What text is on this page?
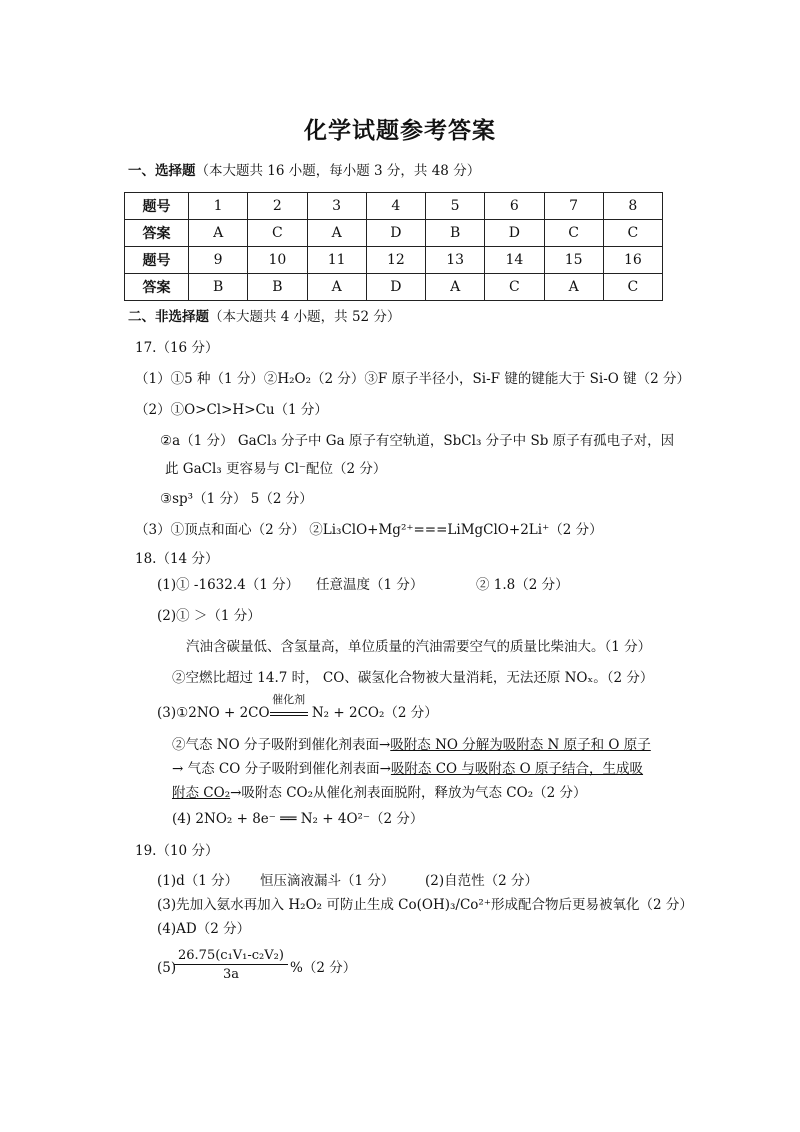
化学试题参考答案
一、选择题（本大题共 16 小题，每小题 3 分，共 48 分）
题号	1	2	3	4	5	6	7	8
答案	A	C	A	D	B	D	C	C
题号	9	10	11	12	13	14	15	16
答案	B	B	A	D	A	C	A	C
二、非选择题（本大题共 4 小题，共 52 分）
17.（16 分）
（1）①5 种（1 分）②H₂O₂（2 分）③F 原子半径小，Si-F 键的键能大于 Si-O 键（2 分）
（2）①O>Cl>H>Cu（1 分）
②a（1 分） GaCl₃ 分子中 Ga 原子有空轨道，SbCl₃ 分子中 Sb 原子有孤电子对，因
此 GaCl₃ 更容易与 Cl⁻配位（2 分）
③sp³（1 分） 5（2 分）
（3）①顶点和面心（2 分） ②Li₃ClO+Mg²⁺===LiMgClO+2Li⁺（2 分）
18.（14 分）
(1)① -1632.4（1 分） 任意温度（1 分）	② 1.8（2 分）
(2)① ＞（1 分）
汽油含碳量低、含氢量高，单位质量的汽油需要空气的质量比柴油大。（1 分）
②空燃比超过 14.7 时， CO、碳氢化合物被大量消耗，无法还原 NOₓ。（2 分）
(3)①2NO + 2CO
催化剂
N₂ + 2CO₂（2 分）
②气态 NO 分子吸附到催化剂表面→吸附态 NO 分解为吸附态 N 原子和 O 原子
→ 气态 CO 分子吸附到催化剂表面→吸附态 CO 与吸附态 O 原子结合，生成吸
附态 CO₂→吸附态 CO₂从催化剂表面脱附，释放为气态 CO₂（2 分）
(4) 2NO₂ + 8e⁻ ══ N₂ + 4O²⁻（2 分）
19.（10 分）
(1)d（1 分） 恒压滴液漏斗（1 分） (2)自范性（2 分）
(3)先加入氨水再加入 H₂O₂ 可防止生成 Co(OH)₃/Co²⁺形成配合物后更易被氧化（2 分）
(4)AD（2 分）
(5)
$\frac{\text{26.75(c₁V₁-c₂V₂)}}{3a} \%(2$ 分）
